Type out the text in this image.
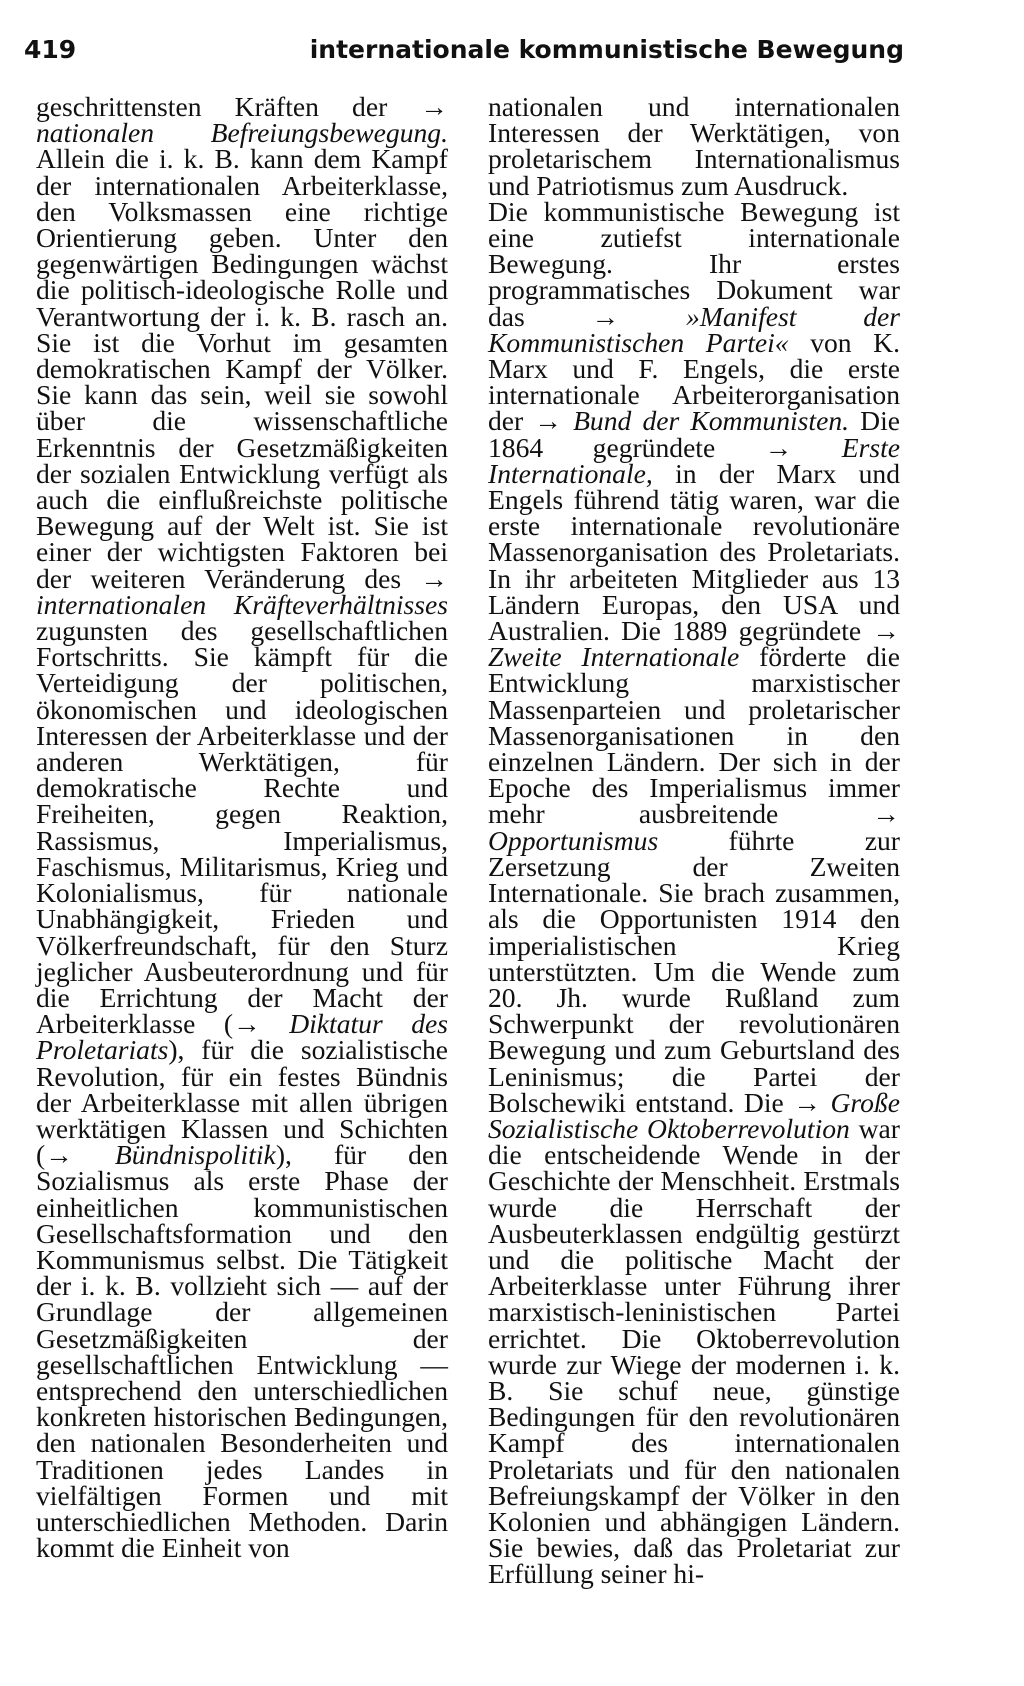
419	internationale kommunistische Bewegung

geschrittensten Kräften der → nationalen Befreiungsbewegung. Allein die i. k. B. kann dem Kampf der internationalen Arbeiterklasse, den Volksmassen eine richtige Orientierung geben. Unter den gegenwärtigen Bedingungen wächst die politisch-ideologische Rolle und Verantwortung der i. k. B. rasch an. Sie ist die Vorhut im gesamten demokratischen Kampf der Völker. Sie kann das sein, weil sie sowohl über die wissenschaftliche Erkenntnis der Gesetzmäßigkeiten der sozialen Entwicklung verfügt als auch die einflußreichste politische Bewegung auf der Welt ist. Sie ist einer der wichtigsten Faktoren bei der weiteren Veränderung des → internationalen Kräfteverhältnisses zugunsten des gesellschaftlichen Fortschritts. Sie kämpft für die Verteidigung der politischen, ökonomischen und ideologischen Interessen der Arbeiterklasse und der anderen Werktätigen, für demokratische Rechte und Freiheiten, gegen Reaktion, Rassismus, Imperialismus, Faschismus, Militarismus, Krieg und Kolonialismus, für nationale Unabhängigkeit, Frieden und Völkerfreundschaft, für den Sturz jeglicher Ausbeuterordnung und für die Errichtung der Macht der Arbeiterklasse (→ Diktatur des Proletariats), für die sozialistische Revolution, für ein festes Bündnis der Arbeiterklasse mit allen übrigen werktätigen Klassen und Schichten (→ Bündnispolitik), für den Sozialismus als erste Phase der einheitlichen kommunistischen Gesellschaftsformation und den Kommunismus selbst. Die Tätigkeit der i. k. B. vollzieht sich — auf der Grundlage der allgemeinen Gesetzmäßigkeiten der gesellschaftlichen Entwicklung — entsprechend den unterschiedlichen konkreten historischen Bedingungen, den nationalen Besonderheiten und Traditionen jedes Landes in vielfältigen Formen und mit unterschiedlichen Methoden. Darin kommt die Einheit von

nationalen und internationalen Interessen der Werktätigen, von proletarischem Internationalismus und Patriotismus zum Ausdruck.

Die kommunistische Bewegung ist eine zutiefst internationale Bewegung. Ihr erstes programmatisches Dokument war das → »Manifest der Kommunistischen Partei« von K. Marx und F. Engels, die erste internationale Arbeiterorganisation der → Bund der Kommunisten. Die 1864 gegründete → Erste Internationale, in der Marx und Engels führend tätig waren, war die erste internationale revolutionäre Massenorganisation des Proletariats. In ihr arbeiteten Mitglieder aus 13 Ländern Europas, den USA und Australien. Die 1889 gegründete → Zweite Internationale förderte die Entwicklung marxistischer Massenparteien und proletarischer Massenorganisationen in den einzelnen Ländern. Der sich in der Epoche des Imperialismus immer mehr ausbreitende → Opportunismus führte zur Zersetzung der Zweiten Internationale. Sie brach zusammen, als die Opportunisten 1914 den imperialistischen Krieg unterstützten. Um die Wende zum 20. Jh. wurde Rußland zum Schwerpunkt der revolutionären Bewegung und zum Geburtsland des Leninismus; die Partei der Bolschewiki entstand. Die → Große Sozialistische Oktoberrevolution war die entscheidende Wende in der Geschichte der Menschheit. Erstmals wurde die Herrschaft der Ausbeuterklassen endgültig gestürzt und die politische Macht der Arbeiterklasse unter Führung ihrer marxistisch-leninistischen Partei errichtet. Die Oktoberrevolution wurde zur Wiege der modernen i. k. B. Sie schuf neue, günstige Bedingungen für den revolutionären Kampf des internationalen Proletariats und für den nationalen Befreiungskampf der Völker in den Kolonien und abhängigen Ländern. Sie bewies, daß das Proletariat zur Erfüllung seiner hi-
